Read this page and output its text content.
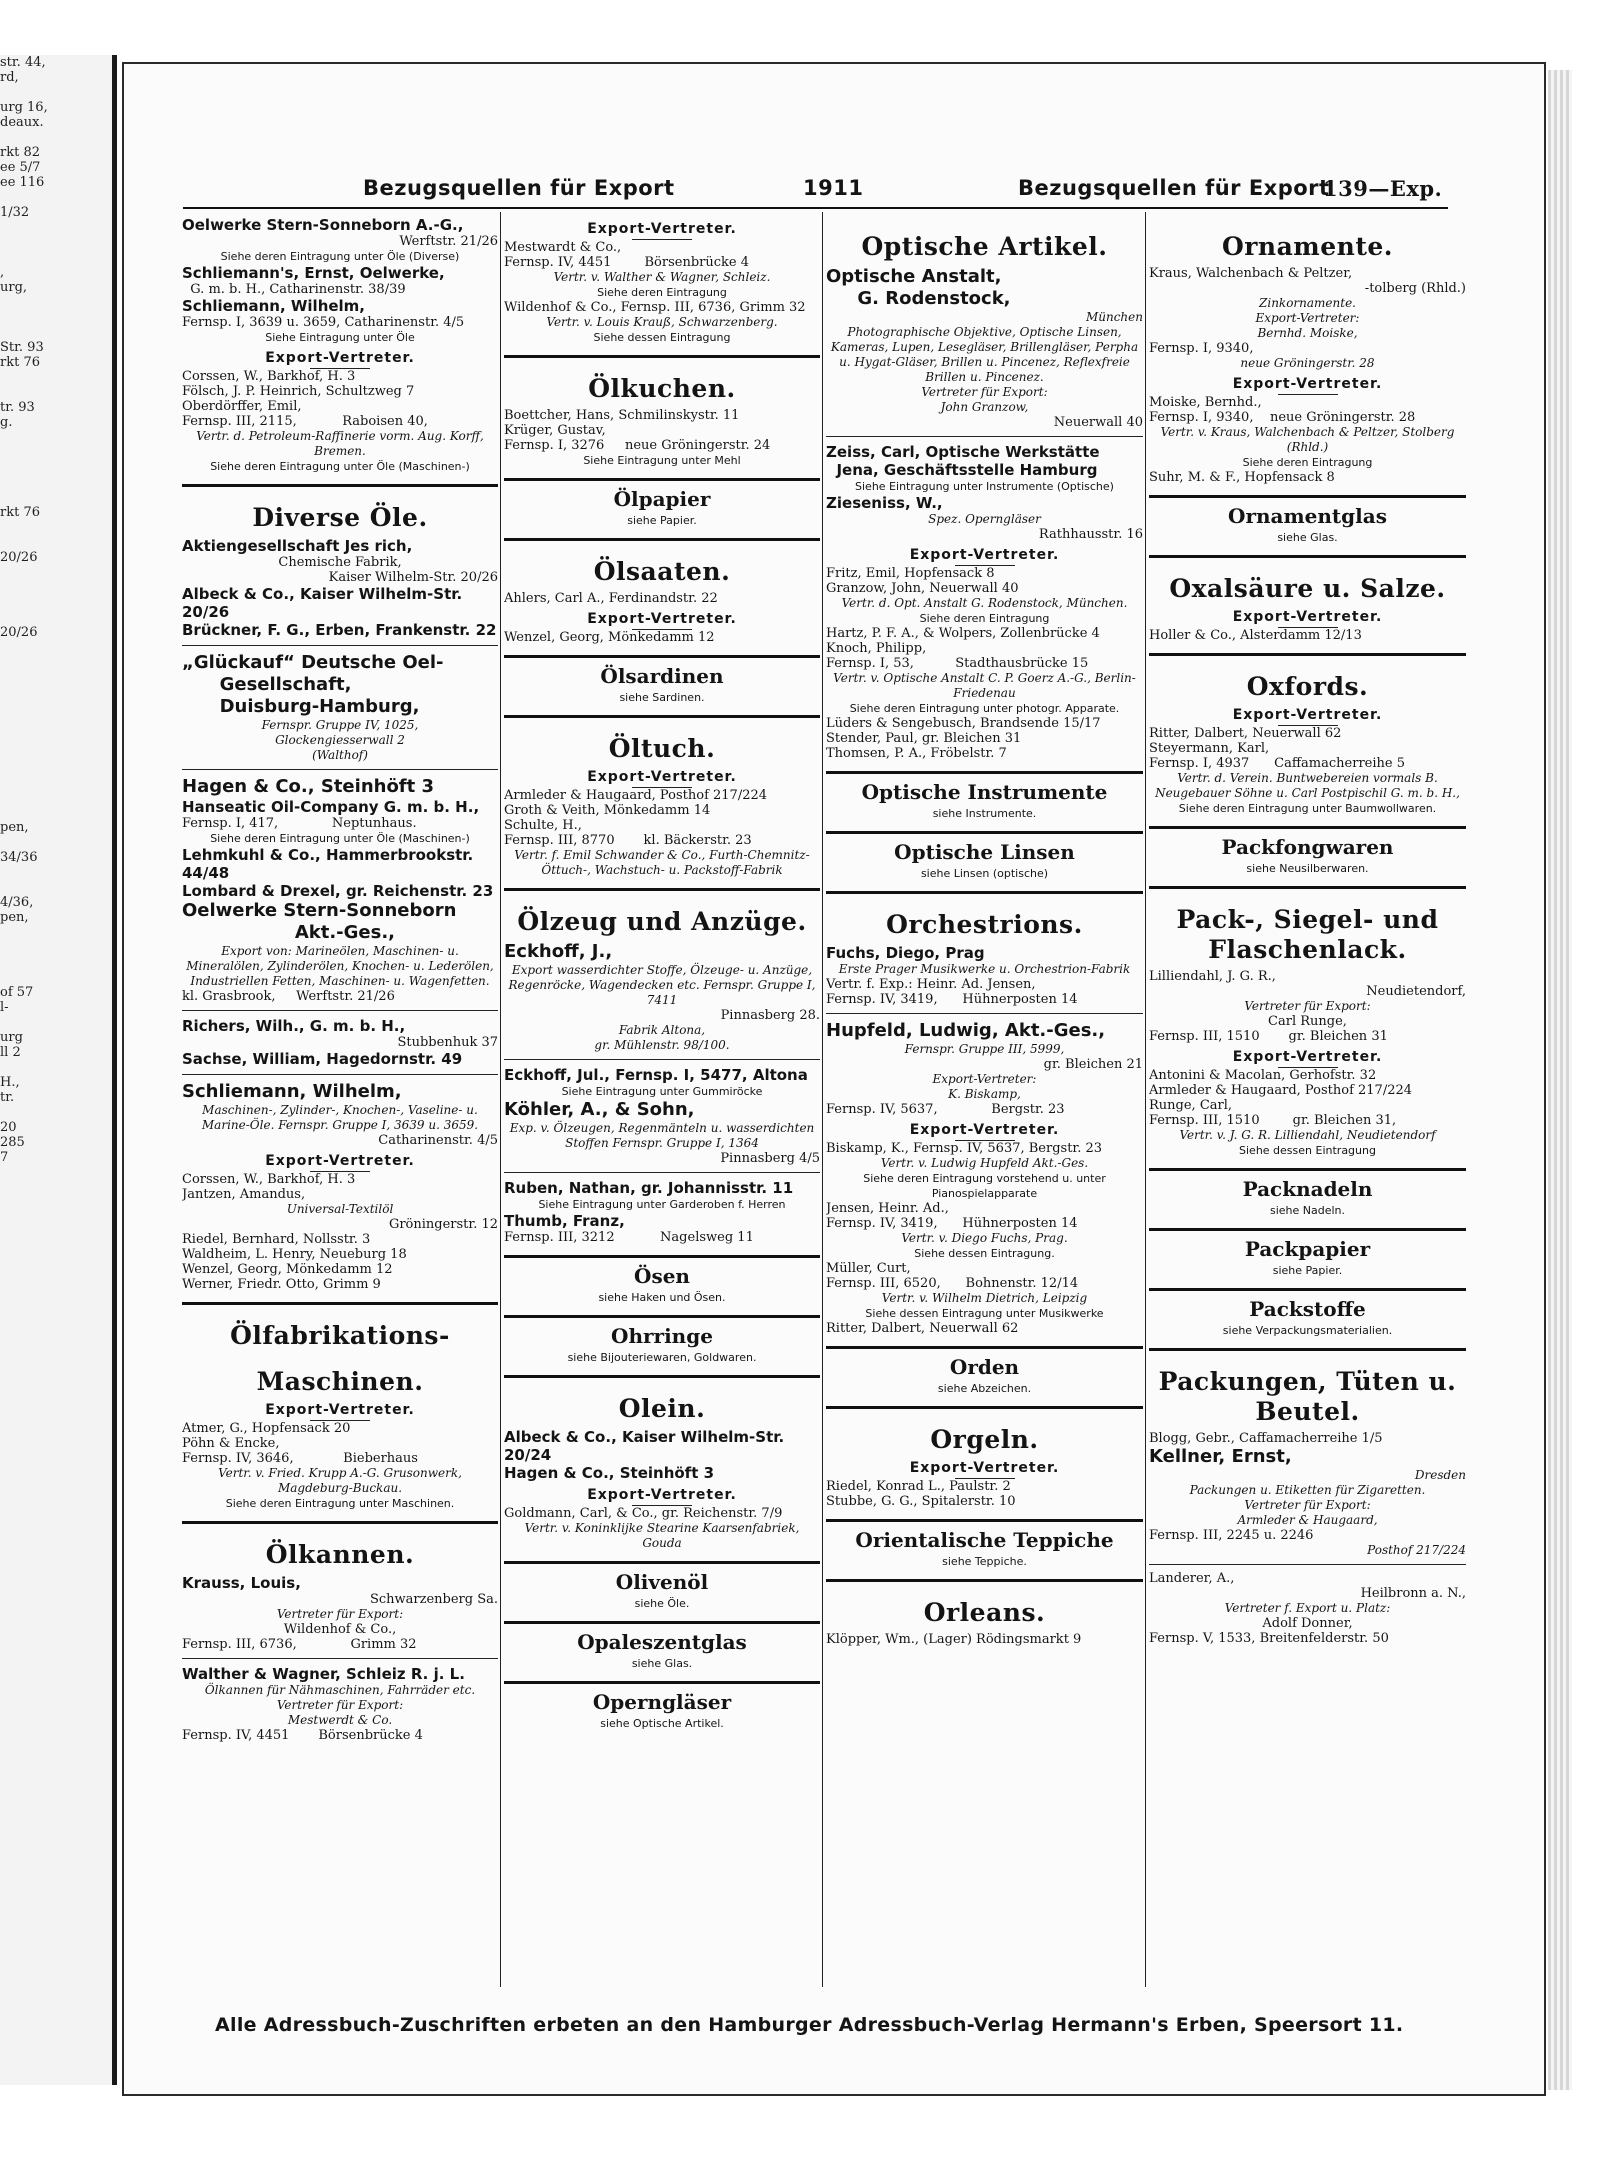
str. 44,
rd,

urg 16,
deaux.

rkt 82
ee 5/7
ee 116

1/32

,
urg,

Str. 93
rkt 76

tr. 93
g.

rkt 76

20/26

20/26

pen,

34/36

4/36,
pen,

of 57
l-

urg
ll 2

H.,
tr.

20
285
7
Bezugsquellen für Export	1911	Bezugsquellen für Export
139—Exp.
Oelwerke Stern-Sonneborn A.-G.,
Werftstr. 21/26
Siehe deren Eintragung unter Öle (Diverse)
Schliemann's, Ernst, Oelwerke,
G. m. b. H., Catharinenstr. 38/39
Schliemann, Wilhelm,
Fernsp. I, 3639 u. 3659, Catharinenstr. 4/5
Siehe Eintragung unter Öle
Export-Vertreter.
Corssen, W., Barkhof, H. 3
Fölsch, J. P. Heinrich, Schultzweg 7
Oberdörffer, Emil,
Fernsp. III, 2115,           Raboisen 40,
Vertr. d. Petroleum-Raffinerie vorm. Aug. Korff, Bremen.
Siehe deren Eintragung unter Öle (Maschinen-)
Diverse Öle.
Aktiengesellschaft Jes rich,
Chemische Fabrik,
Kaiser Wilhelm-Str. 20/26
Albeck & Co., Kaiser Wilhelm-Str. 20/26
Brückner, F. G., Erben, Frankenstr. 22
„Glückauf“ Deutsche Oel-
Gesellschaft,
Duisburg-Hamburg,
Fernspr. Gruppe IV, 1025,
Glockengiesserwall 2
(Walthof)
Hagen & Co., Steinhöft 3
Hanseatic Oil-Company G. m. b. H.,
Fernsp. I, 417,             Neptunhaus.
Siehe deren Eintragung unter Öle (Maschinen-)
Lehmkuhl & Co., Hammerbrookstr. 44/48
Lombard & Drexel, gr. Reichenstr. 23
Oelwerke Stern-Sonneborn
Akt.-Ges.,
Export von: Marineölen, Maschinen- u. Mineralölen, Zylinderölen, Knochen- u. Lederölen, Industriellen Fetten, Maschinen- u. Wagenfetten.
kl. Grasbrook,     Werftstr. 21/26
Richers, Wilh., G. m. b. H.,
Stubbenhuk 37
Sachse, William, Hagedornstr. 49
Schliemann, Wilhelm,
Maschinen-, Zylinder-, Knochen-, Vaseline- u. Marine-Öle. Fernspr. Gruppe I, 3639 u. 3659.
Catharinenstr. 4/5
Export-Vertreter.
Corssen, W., Barkhof, H. 3
Jantzen, Amandus,
Universal-Textilöl
Gröningerstr. 12
Riedel, Bernhard, Nollsstr. 3
Waldheim, L. Henry, Neueburg 18
Wenzel, Georg, Mönkedamm 12
Werner, Friedr. Otto, Grimm 9
Ölfabrikations-
Maschinen.
Export-Vertreter.
Atmer, G., Hopfensack 20
Pöhn & Encke,
Fernsp. IV, 3646,            Bieberhaus
Vertr. v. Fried. Krupp A.-G. Grusonwerk, Magdeburg-Buckau.
Siehe deren Eintragung unter Maschinen.
Ölkannen.
Krauss, Louis,
Schwarzenberg Sa.
Vertreter für Export:
Wildenhof & Co.,
Fernsp. III, 6736,             Grimm 32
Walther & Wagner, Schleiz R. j. L.
Ölkannen für Nähmaschinen, Fahrräder etc.
Vertreter für Export:
Mestwerdt & Co.
Fernsp. IV, 4451       Börsenbrücke 4
Export-Vertreter.
Mestwardt & Co.,
Fernsp. IV, 4451        Börsenbrücke 4
Vertr. v. Walther & Wagner, Schleiz.
Siehe deren Eintragung
Wildenhof & Co., Fernsp. III, 6736, Grimm 32
Vertr. v. Louis Krauß, Schwarzenberg.
Siehe dessen Eintragung
Ölkuchen.
Boettcher, Hans, Schmilinskystr. 11
Krüger, Gustav,
Fernsp. I, 3276     neue Gröningerstr. 24
Siehe Eintragung unter Mehl
Ölpapier
siehe Papier.
Ölsaaten.
Ahlers, Carl A., Ferdinandstr. 22
Export-Vertreter.
Wenzel, Georg, Mönkedamm 12
Ölsardinen
siehe Sardinen.
Öltuch.
Export-Vertreter.
Armleder & Haugaard, Posthof 217/224
Groth & Veith, Mönkedamm 14
Schulte, H.,
Fernsp. III, 8770       kl. Bäckerstr. 23
Vertr. f. Emil Schwander & Co., Furth-Chemnitz-Öttuch-, Wachstuch- u. Packstoff-Fabrik
Ölzeug und Anzüge.
Eckhoff, J.,
Export wasserdichter Stoffe, Ölzeuge- u. Anzüge, Regenröcke, Wagendecken etc. Fernspr. Gruppe I, 7411
Pinnasberg 28.
Fabrik Altona,
gr. Mühlenstr. 98/100.
Eckhoff, Jul., Fernsp. I, 5477, Altona
Siehe Eintragung unter Gummiröcke
Köhler, A., & Sohn,
Exp. v. Ölzeugen, Regenmänteln u. wasserdichten Stoffen Fernspr. Gruppe I, 1364
Pinnasberg 4/5
Ruben, Nathan, gr. Johannisstr. 11
Siehe Eintragung unter Garderoben f. Herren
Thumb, Franz,
Fernsp. III, 3212           Nagelsweg 11
Ösen
siehe Haken und Ösen.
Ohrringe
siehe Bijouteriewaren, Goldwaren.
Olein.
Albeck & Co., Kaiser Wilhelm-Str. 20/24
Hagen & Co., Steinhöft 3
Export-Vertreter.
Goldmann, Carl, & Co., gr. Reichenstr. 7/9
Vertr. v. Koninklijke Stearine Kaarsenfabriek, Gouda
Olivenöl
siehe Öle.
Opaleszentglas
siehe Glas.
Operngläser
siehe Optische Artikel.
Optische Artikel.
Optische Anstalt,
G. Rodenstock,
München
Photographische Objektive, Optische Linsen, Kameras, Lupen, Lesegläser, Brillengläser, Perpha u. Hygat-Gläser, Brillen u. Pincenez, Reflexfreie Brillen u. Pincenez.
Vertreter für Export:
John Granzow,
Neuerwall 40
Zeiss, Carl, Optische Werkstätte
Jena, Geschäftsstelle Hamburg
Siehe Eintragung unter Instrumente (Optische)
Zieseniss, W.,
Spez. Operngläser
Rathhausstr. 16
Export-Vertreter.
Fritz, Emil, Hopfensack 8
Granzow, John, Neuerwall 40
Vertr. d. Opt. Anstalt G. Rodenstock, München.
Siehe deren Eintragung
Hartz, P. F. A., & Wolpers, Zollenbrücke 4
Knoch, Philipp,
Fernsp. I, 53,          Stadthausbrücke 15
Vertr. v. Optische Anstalt C. P. Goerz A.-G., Berlin-Friedenau
Siehe deren Eintragung unter photogr. Apparate.
Lüders & Sengebusch, Brandsende 15/17
Stender, Paul, gr. Bleichen 31
Thomsen, P. A., Fröbelstr. 7
Optische Instrumente
siehe Instrumente.
Optische Linsen
siehe Linsen (optische)
Orchestrions.
Fuchs, Diego, Prag
Erste Prager Musikwerke u. Orchestrion-Fabrik
Vertr. f. Exp.: Heinr. Ad. Jensen,
Fernsp. IV, 3419,      Hühnerposten 14
Hupfeld, Ludwig, Akt.-Ges.,
Fernspr. Gruppe III, 5999,
gr. Bleichen 21
Export-Vertreter:
K. Biskamp,
Fernsp. IV, 5637,             Bergstr. 23
Export-Vertreter.
Biskamp, K., Fernsp. IV, 5637, Bergstr. 23
Vertr. v. Ludwig Hupfeld Akt.-Ges.
Siehe deren Eintragung vorstehend u. unter Pianospielapparate
Jensen, Heinr. Ad.,
Fernsp. IV, 3419,      Hühnerposten 14
Vertr. v. Diego Fuchs, Prag.
Siehe dessen Eintragung.
Müller, Curt,
Fernsp. III, 6520,      Bohnenstr. 12/14
Vertr. v. Wilhelm Dietrich, Leipzig
Siehe dessen Eintragung unter Musikwerke
Ritter, Dalbert, Neuerwall 62
Orden
siehe Abzeichen.
Orgeln.
Export-Vertreter.
Riedel, Konrad L., Paulstr. 2
Stubbe, G. G., Spitalerstr. 10
Orientalische Teppiche
siehe Teppiche.
Orleans.
Klöpper, Wm., (Lager) Rödingsmarkt 9
Ornamente.
Kraus, Walchenbach & Peltzer,
-tolberg (Rhld.)
Zinkornamente.
Export-Vertreter:
Bernhd. Moiske,
Fernsp. I, 9340,
neue Gröningerstr. 28
Export-Vertreter.
Moiske, Bernhd.,
Fernsp. I, 9340,    neue Gröningerstr. 28
Vertr. v. Kraus, Walchenbach & Peltzer, Stolberg (Rhld.)
Siehe deren Eintragung
Suhr, M. & F., Hopfensack 8
Ornamentglas
siehe Glas.
Oxalsäure u. Salze.
Export-Vertreter.
Holler & Co., Alsterdamm 12/13
Oxfords.
Export-Vertreter.
Ritter, Dalbert, Neuerwall 62
Steyermann, Karl,
Fernsp. I, 4937      Caffamacherreihe 5
Vertr. d. Verein. Buntwebereien vormals B. Neugebauer Söhne u. Carl Postpischil G. m. b. H.,
Siehe deren Eintragung unter Baumwollwaren.
Packfongwaren
siehe Neusilberwaren.
Pack-, Siegel- und Flaschenlack.
Lilliendahl, J. G. R.,
Neudietendorf,
Vertreter für Export:
Carl Runge,
Fernsp. III, 1510       gr. Bleichen 31
Export-Vertreter.
Antonini & Macolan, Gerhofstr. 32
Armleder & Haugaard, Posthof 217/224
Runge, Carl,
Fernsp. III, 1510        gr. Bleichen 31,
Vertr. v. J. G. R. Lilliendahl, Neudietendorf
Siehe dessen Eintragung
Packnadeln
siehe Nadeln.
Packpapier
siehe Papier.
Packstoffe
siehe Verpackungsmaterialien.
Packungen, Tüten u. Beutel.
Blogg, Gebr., Caffamacherreihe 1/5
Kellner, Ernst,
Dresden
Packungen u. Etiketten für Zigaretten.
Vertreter für Export:
Armleder & Haugaard,
Fernsp. III, 2245 u. 2246
Posthof 217/224
Landerer, A.,
Heilbronn a. N.,
Vertreter f. Export u. Platz:
Adolf Donner,
Fernsp. V, 1533, Breitenfelderstr. 50
Alle Adressbuch-Zuschriften erbeten an den Hamburger Adressbuch-Verlag Hermann's Erben, Speersort 11.
